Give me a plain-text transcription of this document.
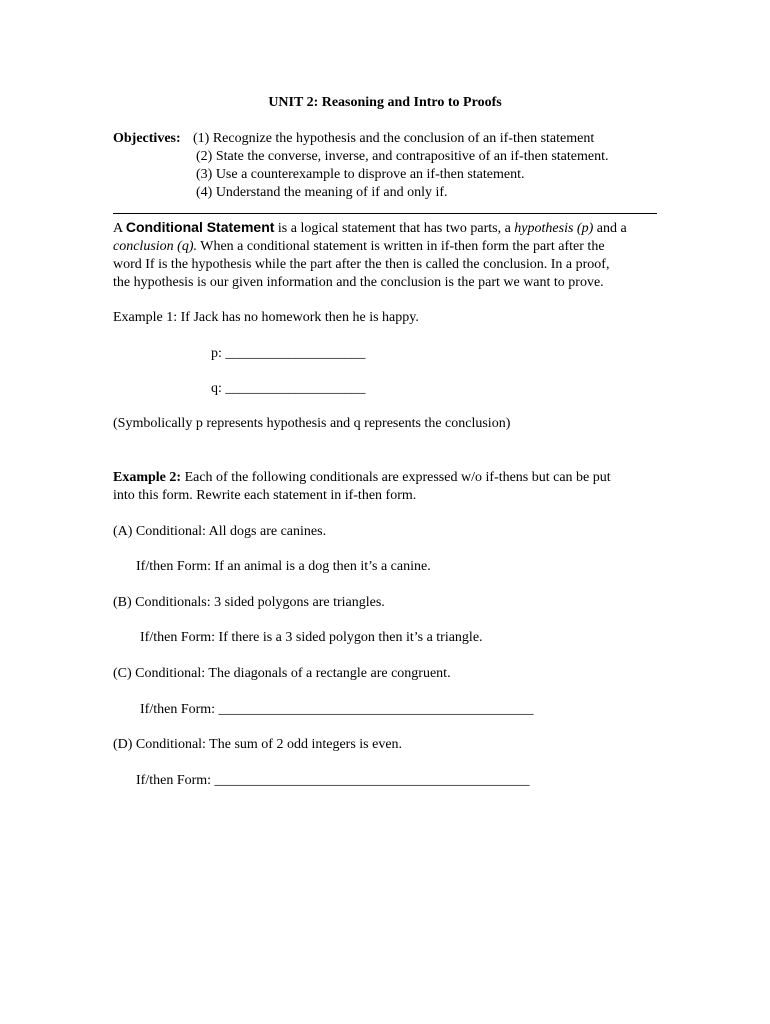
UNIT 2: Reasoning and Intro to Proofs
Objectives: (1) Recognize the hypothesis and the conclusion of an if-then statement
(2) State the converse, inverse, and contrapositive of an if-then statement.
(3) Use a counterexample to disprove an if-then statement.
(4) Understand the meaning of if and only if.
A Conditional Statement is a logical statement that has two parts, a hypothesis (p) and a
conclusion (q). When a conditional statement is written in if-then form the part after the
word If is the hypothesis while the part after the then is called the conclusion. In a proof,
the hypothesis is our given information and the conclusion is the part we want to prove.
Example 1: If Jack has no homework then he is happy.
p: ____________________
q: ____________________
(Symbolically p represents hypothesis and q represents the conclusion)
Example 2: Each of the following conditionals are expressed w/o if-thens but can be put
into this form. Rewrite each statement in if-then form.
(A) Conditional: All dogs are canines.
If/then Form: If an animal is a dog then it’s a canine.
(B) Conditionals: 3 sided polygons are triangles.
If/then Form: If there is a 3 sided polygon then it’s a triangle.
(C) Conditional: The diagonals of a rectangle are congruent.
If/then Form: _____________________________________________
(D) Conditional: The sum of 2 odd integers is even.
If/then Form: _____________________________________________
